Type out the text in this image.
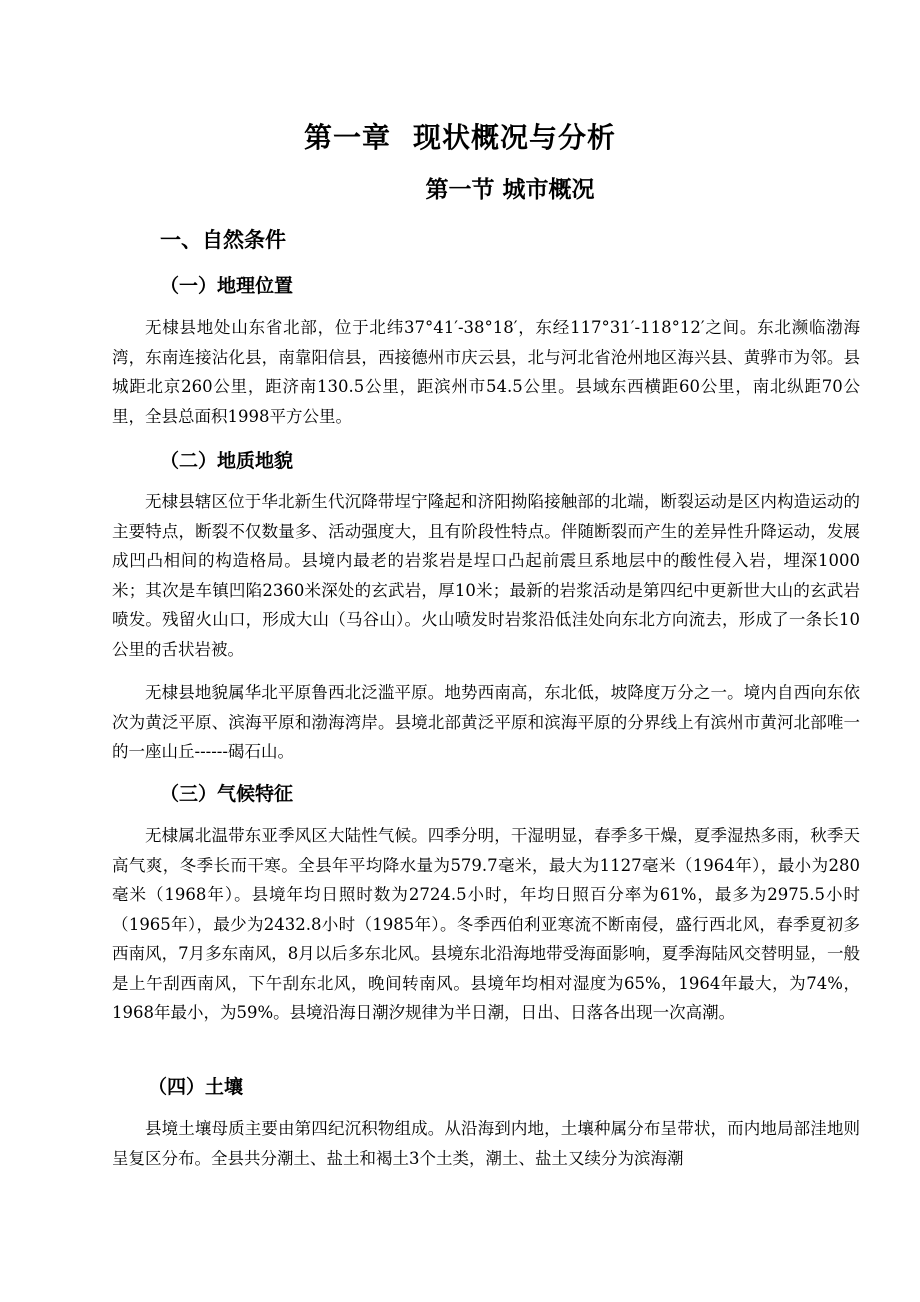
第一章 现状概况与分析
第一节 城市概况
一、自然条件
（一）地理位置

无棣县地处山东省北部，位于北纬37°41′-38°18′，东经117°31′-118°12′之间。东北濒临渤海湾，东南连接沾化县，南靠阳信县，西接德州市庆云县，北与河北省沧州地区海兴县、黄骅市为邻。县城距北京260公里，距济南130.5公里，距滨州市54.5公里。县域东西横距60公里，南北纵距70公里，全县总面积1998平方公里。

（二）地质地貌

无棣县辖区位于华北新生代沉降带埕宁隆起和济阳拗陷接触部的北端，断裂运动是区内构造运动的主要特点，断裂不仅数量多、活动强度大，且有阶段性特点。伴随断裂而产生的差异性升降运动，发展成凹凸相间的构造格局。县境内最老的岩浆岩是埕口凸起前震旦系地层中的酸性侵入岩，埋深1000米；其次是车镇凹陷2360米深处的玄武岩，厚10米；最新的岩浆活动是第四纪中更新世大山的玄武岩喷发。残留火山口，形成大山（马谷山）。火山喷发时岩浆沿低洼处向东北方向流去，形成了一条长10公里的舌状岩被。

无棣县地貌属华北平原鲁西北泛滥平原。地势西南高，东北低，坡降度万分之一。境内自西向东依次为黄泛平原、滨海平原和渤海湾岸。县境北部黄泛平原和滨海平原的分界线上有滨州市黄河北部唯一的一座山丘------碣石山。

（三）气候特征

无棣属北温带东亚季风区大陆性气候。四季分明，干湿明显，春季多干燥，夏季湿热多雨，秋季天高气爽，冬季长而干寒。全县年平均降水量为579.7毫米，最大为1127毫米（1964年），最小为280毫米（1968年）。县境年均日照时数为2724.5小时，年均日照百分率为61%，最多为2975.5小时（1965年），最少为2432.8小时（1985年）。冬季西伯利亚寒流不断南侵，盛行西北风，春季夏初多西南风，7月多东南风，8月以后多东北风。县境东北沿海地带受海面影响，夏季海陆风交替明显，一般是上午刮西南风，下午刮东北风，晚间转南风。县境年均相对湿度为65%，1964年最大，为74%，1968年最小，为59%。县境沿海日潮汐规律为半日潮，日出、日落各出现一次高潮。

（四）土壤

县境土壤母质主要由第四纪沉积物组成。从沿海到内地，土壤种属分布呈带状，而内地局部洼地则呈复区分布。全县共分潮土、盐土和褐土3个土类，潮土、盐土又续分为滨海潮
